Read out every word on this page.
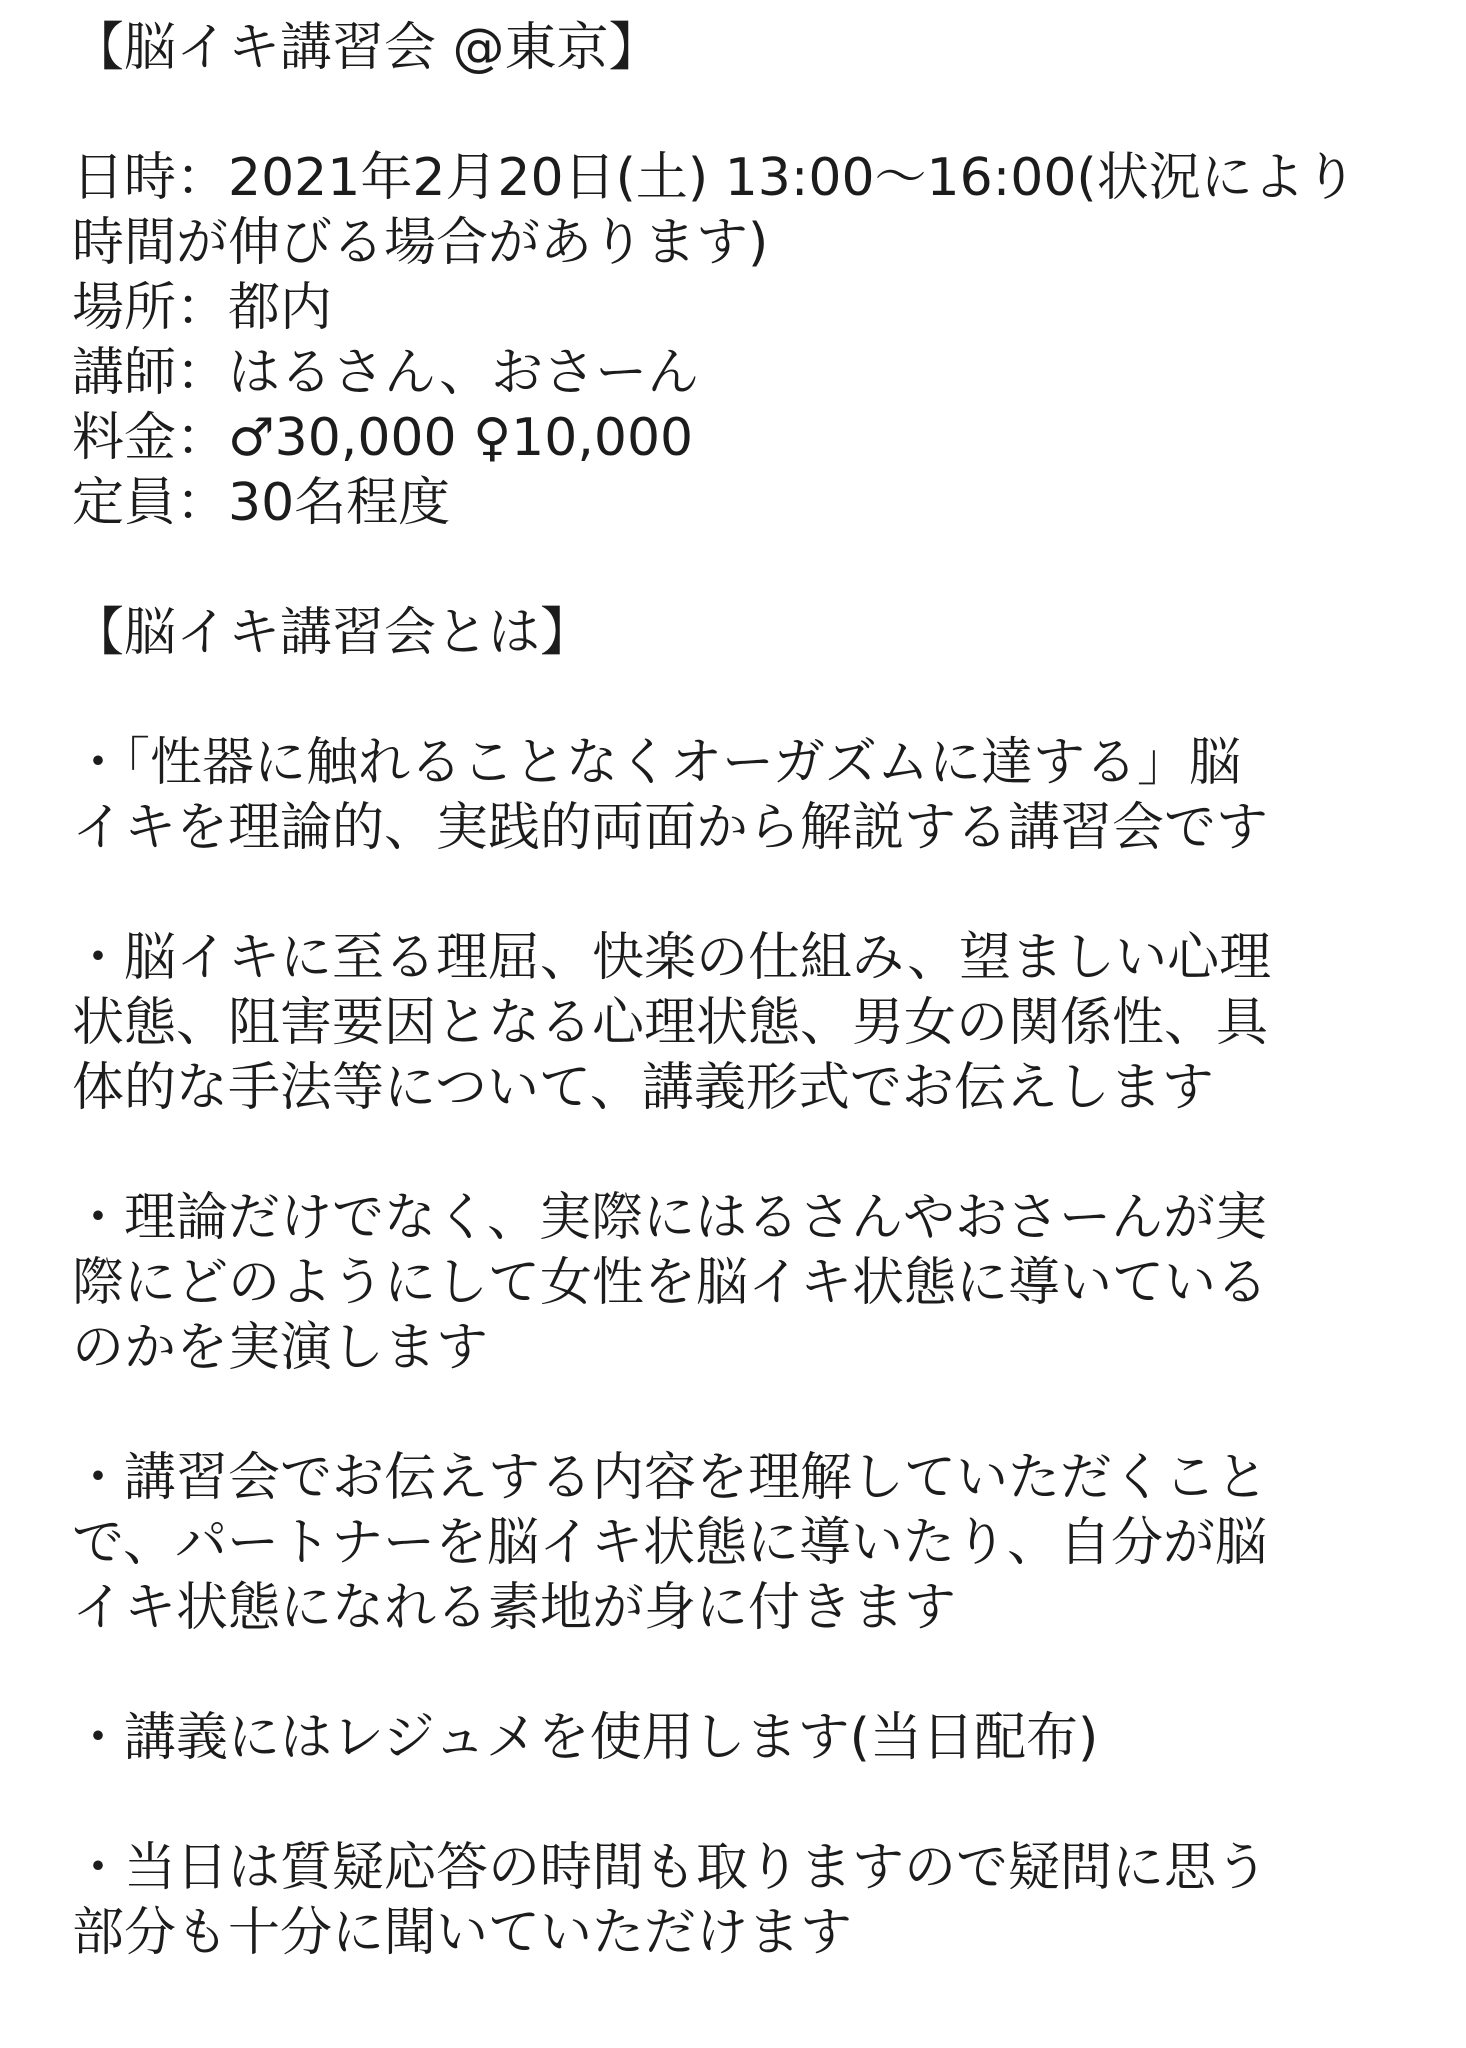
【脳イキ講習会 @東京】
日時：2021年2月20日(土) 13:00〜16:00(状況により
時間が伸びる場合があります)
場所：都内
講師：はるさん、おさーん
料金：♂30,000 ♀10,000
定員：30名程度
【脳イキ講習会とは】
・「性器に触れることなくオーガズムに達する」脳
イキを理論的、実践的両面から解説する講習会です
・脳イキに至る理屈、快楽の仕組み、望ましい心理
状態、阻害要因となる心理状態、男女の関係性、具
体的な手法等について、講義形式でお伝えします
・理論だけでなく、実際にはるさんやおさーんが実
際にどのようにして女性を脳イキ状態に導いている
のかを実演します
・講習会でお伝えする内容を理解していただくこと
で、パートナーを脳イキ状態に導いたり、自分が脳
イキ状態になれる素地が身に付きます
・講義にはレジュメを使用します(当日配布)
・当日は質疑応答の時間も取りますので疑問に思う
部分も十分に聞いていただけます
